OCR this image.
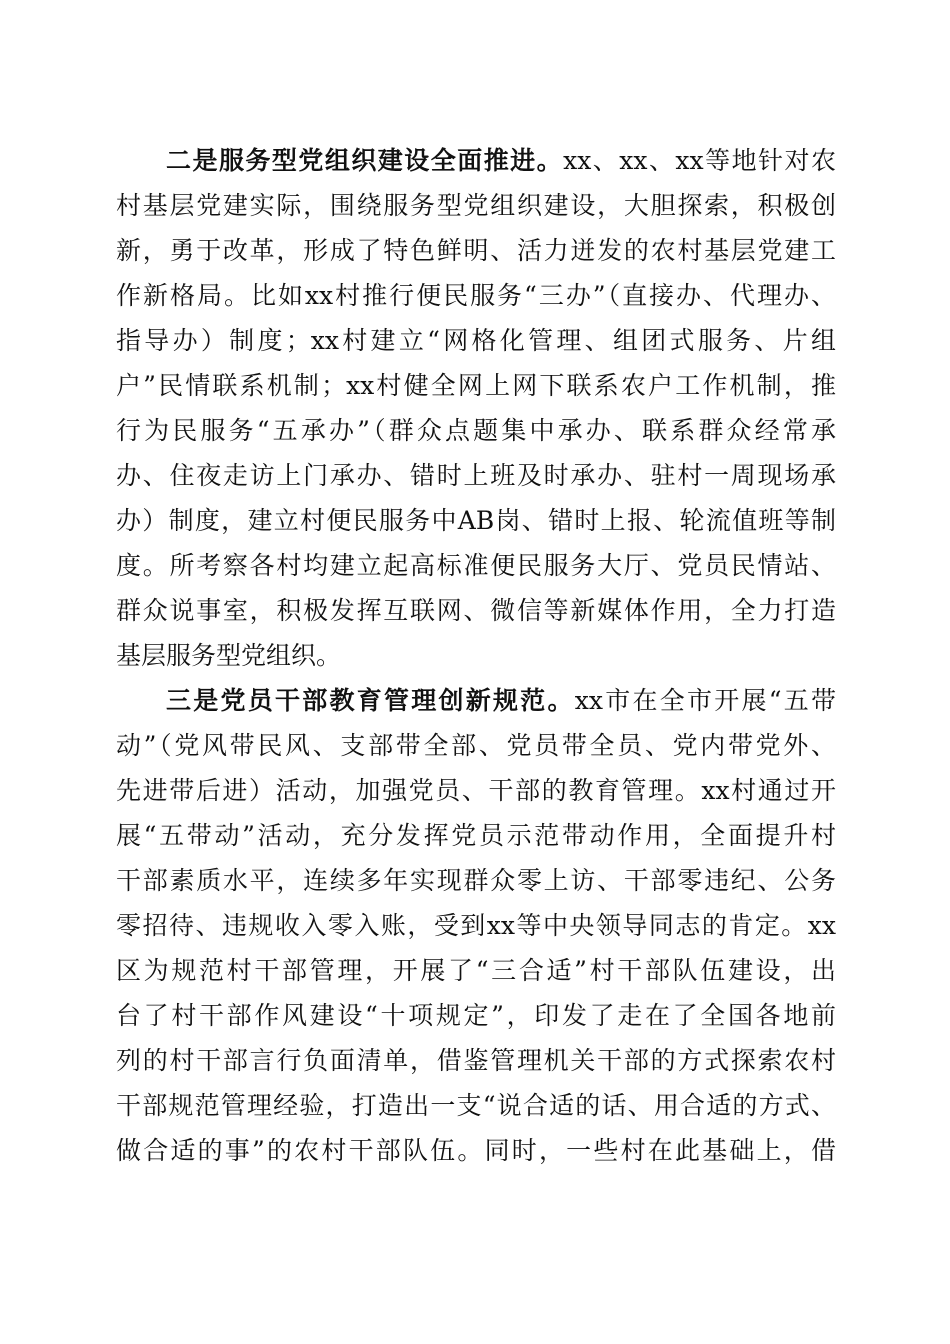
二是服务型党组织建设全面推进。xx、xx、xx等地针对农
村基层党建实际，围绕服务型党组织建设，大胆探索，积极创
新，勇于改革，形成了特色鲜明、活力迸发的农村基层党建工
作新格局。比如xx村推行便民服务“三办”（直接办、代理办、
指导办）制度；xx村建立“网格化管理、组团式服务、片组
户”民情联系机制；xx村健全网上网下联系农户工作机制，推
行为民服务“五承办”（群众点题集中承办、联系群众经常承
办、住夜走访上门承办、错时上班及时承办、驻村一周现场承
办）制度，建立村便民服务中AB岗、错时上报、轮流值班等制
度。所考察各村均建立起高标准便民服务大厅、党员民情站、
群众说事室，积极发挥互联网、微信等新媒体作用，全力打造
基层服务型党组织。
三是党员干部教育管理创新规范。xx市在全市开展“五带
动”（党风带民风、支部带全部、党员带全员、党内带党外、
先进带后进）活动，加强党员、干部的教育管理。xx村通过开
展“五带动”活动，充分发挥党员示范带动作用，全面提升村
干部素质水平，连续多年实现群众零上访、干部零违纪、公务
零招待、违规收入零入账，受到xx等中央领导同志的肯定。xx
区为规范村干部管理，开展了“三合适”村干部队伍建设，出
台了村干部作风建设“十项规定”，印发了走在了全国各地前
列的村干部言行负面清单，借鉴管理机关干部的方式探索农村
干部规范管理经验，打造出一支“说合适的话、用合适的方式、
做合适的事”的农村干部队伍。同时，一些村在此基础上，借
